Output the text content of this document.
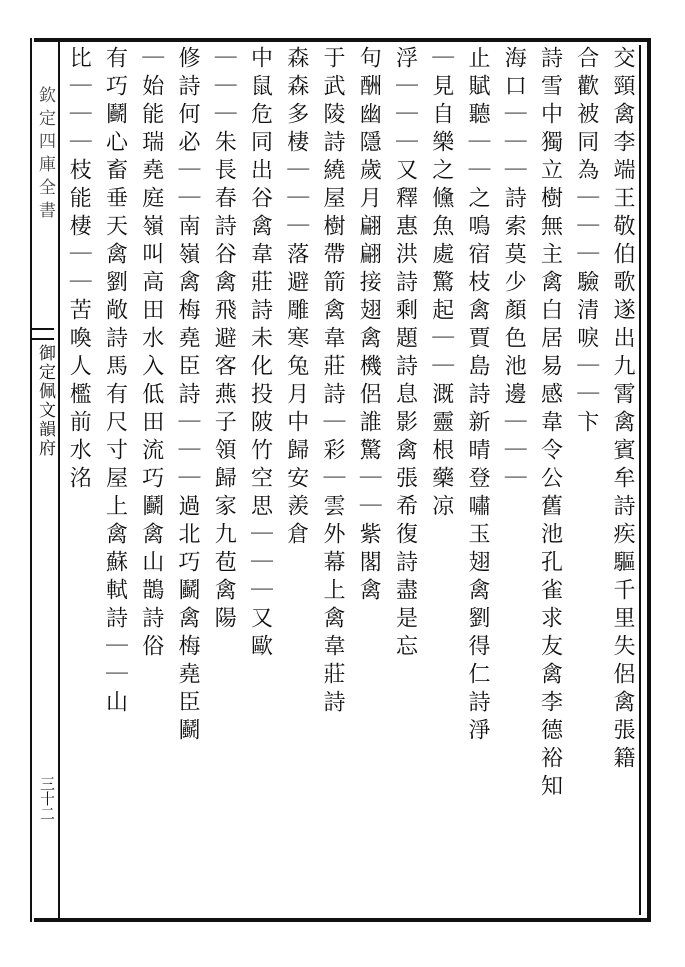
欽定四庫全書
御定佩文韻府
三十二
交頸禽李端王敬伯歌遂出九霄禽賓牟詩疾驅千里失侶禽張籍
合歡被同為｜｜｜驗清唳｜｜卞
詩雪中獨立樹無主禽白居易感韋令公舊池孔雀求友禽李德裕知
海口｜｜｜詩索莫少顏色池邊｜｜｜
止賦聽｜｜之鳴宿枝禽賈島詩新晴登嘯玉翅禽劉得仁詩淨
｜見自樂之儵魚處驚起｜｜溉靈根藥凉
浮｜｜｜又釋惠洪詩剩題詩息影禽張希復詩盡是忘
句酬幽隱歲月翩翩接翅禽機侶誰驚｜｜紫閣禽
于武陵詩繞屋樹帶箭禽韋莊詩｜彩｜雲外幕上禽韋莊詩
森森多棲｜｜｜落避雕寒兔月中歸安羨倉
中鼠危同出谷禽韋莊詩未化投陂竹空思｜｜｜又歐
｜｜｜朱長春詩谷禽飛避客燕子領歸家九苞禽陽
修詩何必｜｜南嶺禽梅堯臣詩｜｜｜過北巧鬬禽梅堯臣鬬
｜始能瑞堯庭嶺叫高田水入低田流巧鬬禽山鵲詩俗
有巧鬬心畜垂天禽劉敞詩馬有尺寸屋上禽蘇軾詩｜｜山
比｜｜｜枝能棲｜｜苦喚人檻前水洺
